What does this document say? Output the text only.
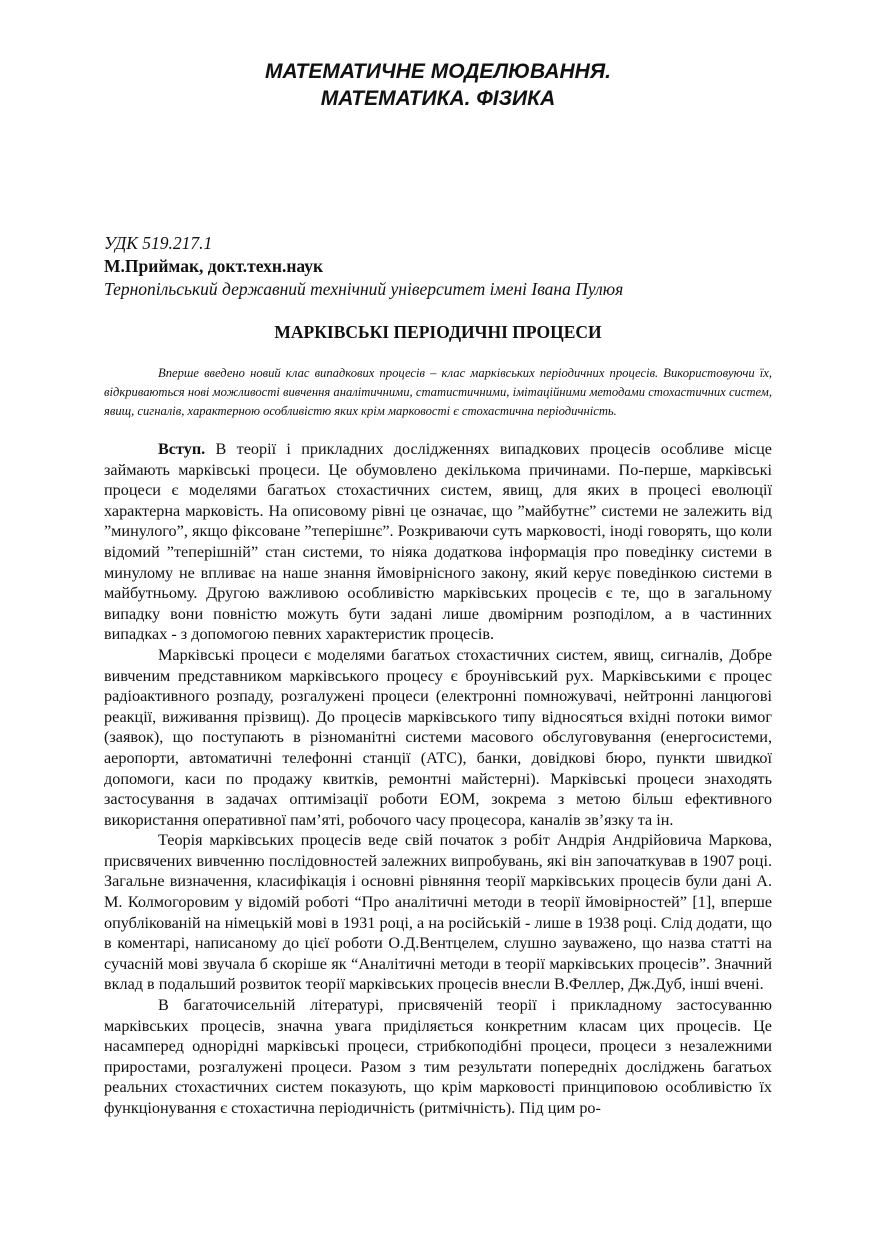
МАТЕМАТИЧНЕ МОДЕЛЮВАННЯ.
МАТЕМАТИКА. ФІЗИКА
УДК 519.217.1
М.Приймак, докт.техн.наук
Тернопільський державний технічний університет імені Івана Пулюя
МАРКІВСЬКІ ПЕРІОДИЧНІ ПРОЦЕСИ
Вперше введено новий клас випадкових процесів – клас марківських періодичних процесів. Використовуючи їх, відкриваються нові можливості вивчення аналітичними, статистичними, імітаційними методами стохастичних систем, явищ, сигналів, характерною особливістю яких крім марковості є стохастична періодичність.

Вступ. В теорії і прикладних дослідженнях випадкових процесів особливе місце займають марківські процеси. Це обумовлено декількома причинами. По-перше, марківські процеси є моделями багатьох стохастичних систем, явищ, для яких в процесі еволюції характерна марковість. На описовому рівні це означає, що ”майбутнє” системи не залежить від ”минулого”, якщо фіксоване ”теперішнє”. Розкриваючи суть марковості, іноді говорять, що коли відомий ”теперішній” стан системи, то ніяка додаткова інформація про поведінку системи в минулому не впливає на наше знання ймовірнісного закону, який керує поведінкою системи в майбутньому. Другою важливою особливістю марківських процесів є те, що в загальному випадку вони повністю можуть бути задані лише двомірним розподілом, а в частинних випадках - з допомогою певних характеристик процесів.

Марківські процеси є моделями багатьох стохастичних систем, явищ, сигналів, Добре вивченим представником марківського процесу є броунівський рух. Марківськими є процес радіоактивного розпаду, розгалужені процеси (електронні помножувачі, нейтронні ланцюгові реакції, виживання прізвищ). До процесів марківського типу відносяться вхідні потоки вимог (заявок), що поступають в різноманітні системи масового обслуговування (енергосистеми, аеропорти, автоматичні телефонні станції (АТС), банки, довідкові бюро, пункти швидкої допомоги, каси по продажу квитків, ремонтні майстерні). Марківські процеси знаходять застосування в задачах оптимізації роботи ЕОМ, зокрема з метою більш ефективного використання оперативної пам’яті, робочого часу процесора, каналів зв’язку та ін.

Теорія марківських процесів веде свій початок з робіт Андрія Андрійовича Маркова, присвячених вивченню послідовностей залежних випробувань, які він започаткував в 1907 році. Загальне визначення, класифікація і основні рівняння теорії марківських процесів були дані А. М. Колмогоровим у відомій роботі “Про аналітичні методи в теорії ймовірностей” [1], вперше опублікованій на німецькій мові в 1931 році, а на російській - лише в 1938 році. Слід додати, що в коментарі, написаному до цієї роботи О.Д.Вентцелем, слушно зауважено, що назва статті на сучасній мові звучала б скоріше як “Аналітичні методи в теорії марківських процесів”. Значний вклад в подальший розвиток теорії марківських процесів внесли В.Феллер, Дж.Дуб, інші вчені.

В багаточисельній літературі, присвяченій теорії і прикладному застосуванню марківських процесів, значна увага приділяється конкретним класам цих процесів. Це насамперед однорідні марківські процеси, стрибкоподібні процеси, процеси з незалежними приростами, розгалужені процеси. Разом з тим результати попередніх досліджень багатьох реальних стохастичних систем показують, що крім марковості принциповою особливістю їх функціонування є стохастична періодичність (ритмічність). Під цим ро-
